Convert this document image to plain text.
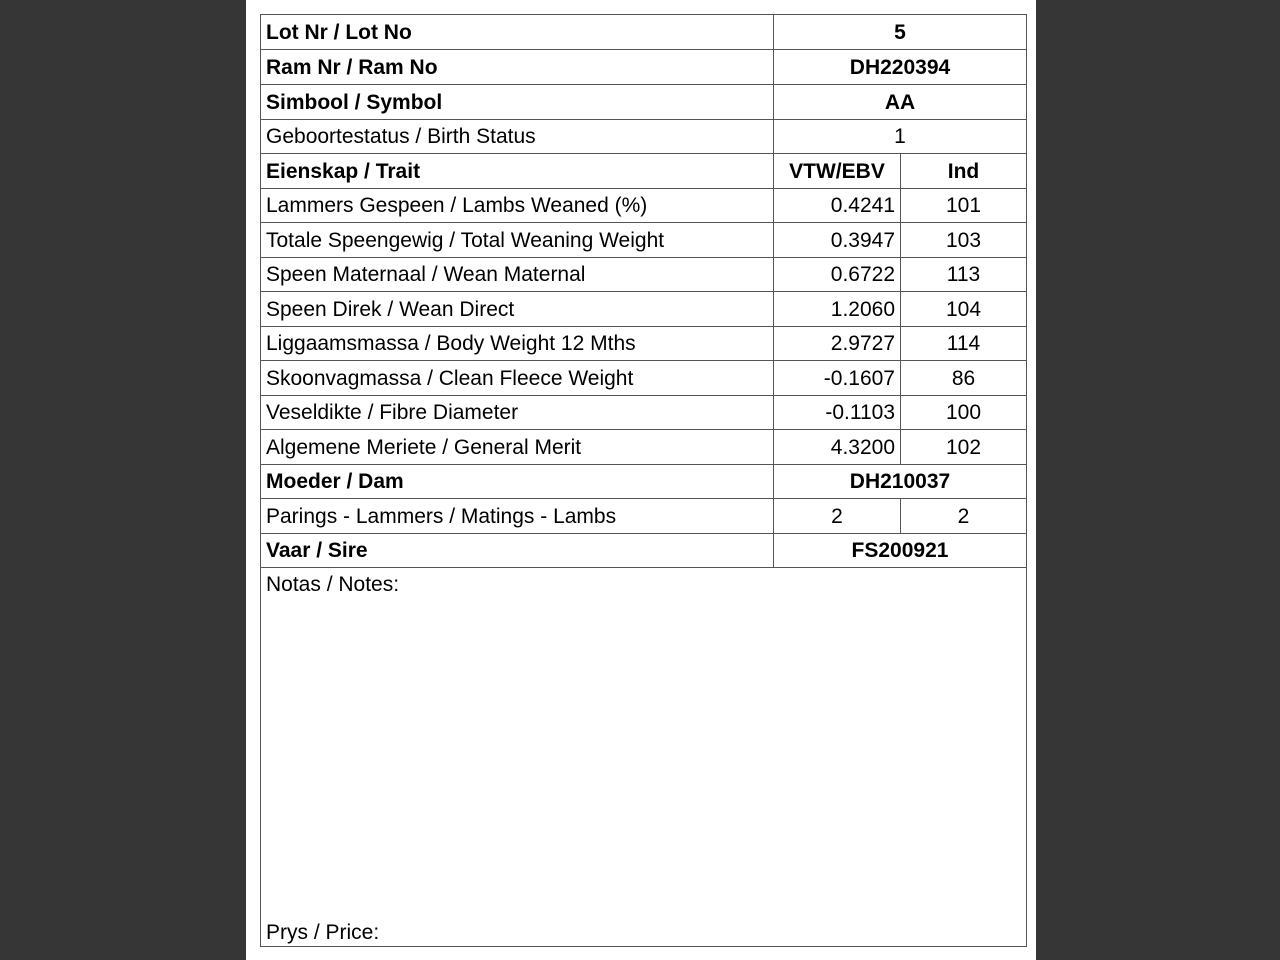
Lot Nr / Lot No	5
Ram Nr / Ram No	DH220394
Simbool / Symbol	AA
Geboortestatus / Birth Status	1
Eienskap / Trait	VTW/EBV	Ind
Lammers Gespeen / Lambs Weaned (%)	0.4241	101
Totale Speengewig / Total Weaning Weight	0.3947	103
Speen Maternaal / Wean Maternal	0.6722	113
Speen Direk / Wean Direct	1.2060	104
Liggaamsmassa / Body Weight 12 Mths	2.9727	114
Skoonvagmassa / Clean Fleece Weight	-0.1607	86
Veseldikte / Fibre Diameter	-0.1103	100
Algemene Meriete / General Merit	4.3200	102
Moeder / Dam	DH210037
Parings - Lammers / Matings - Lambs	2	2
Vaar / Sire	FS200921
Notas / Notes:
Prys / Price:
